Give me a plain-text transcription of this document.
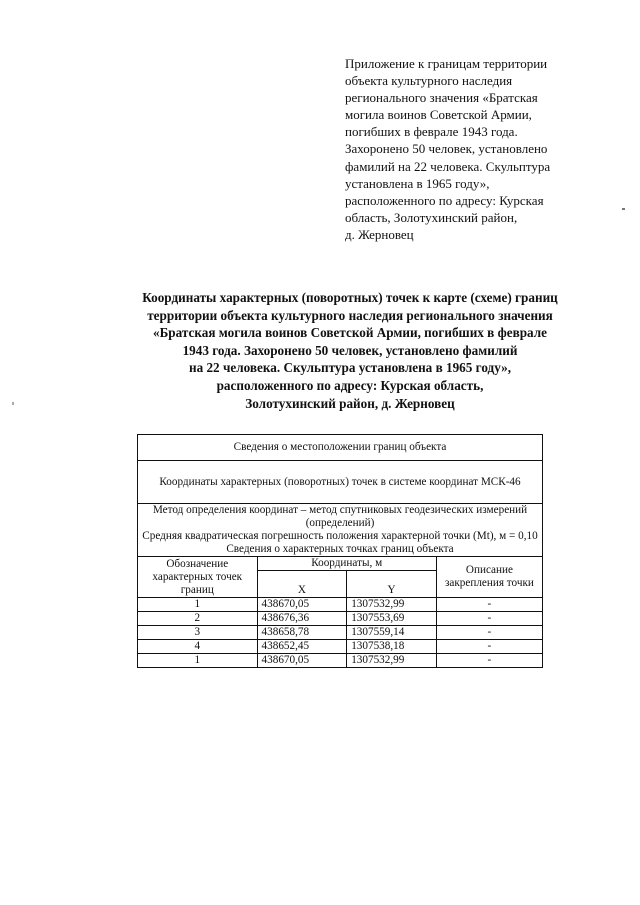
Приложение к границам территории
объекта культурного наследия
регионального значения «Братская
могила воинов Советской Армии,
погибших в феврале 1943 года.
Захоронено 50 человек, установлено
фамилий на 22 человека. Скульптура
установлена в 1965 году»,
расположенного по адресу: Курская
область, Золотухинский район,
д. Жерновец
Координаты характерных (поворотных) точек к карте (схеме) границ
территории объекта культурного наследия регионального значения
«Братская могила воинов Советской Армии, погибших в феврале
1943 года. Захоронено 50 человек, установлено фамилий
на 22 человека. Скульптура установлена в 1965 году»,
расположенного по адресу: Курская область,
Золотухинский район, д. Жерновец
Сведения о местоположении границ объекта			
Координаты характерных (поворотных) точек в системе координат МСК-46			

Метод определения координат – метод спутниковых геодезических измерений (определений)
Средняя квадратическая погрешность положения характерной точки (Mt), м = 0,10
Сведения о характерных точках границ объекта			

Обозначение характерных точек границ	Координаты, м		Описание закрепления точки
	X	Y	
1	438670,05	1307532,99	-
2	438676,36	1307553,69	-
3	438658,78	1307559,14	-
4	438652,45	1307538,18	-
1	438670,05	1307532,99	-
